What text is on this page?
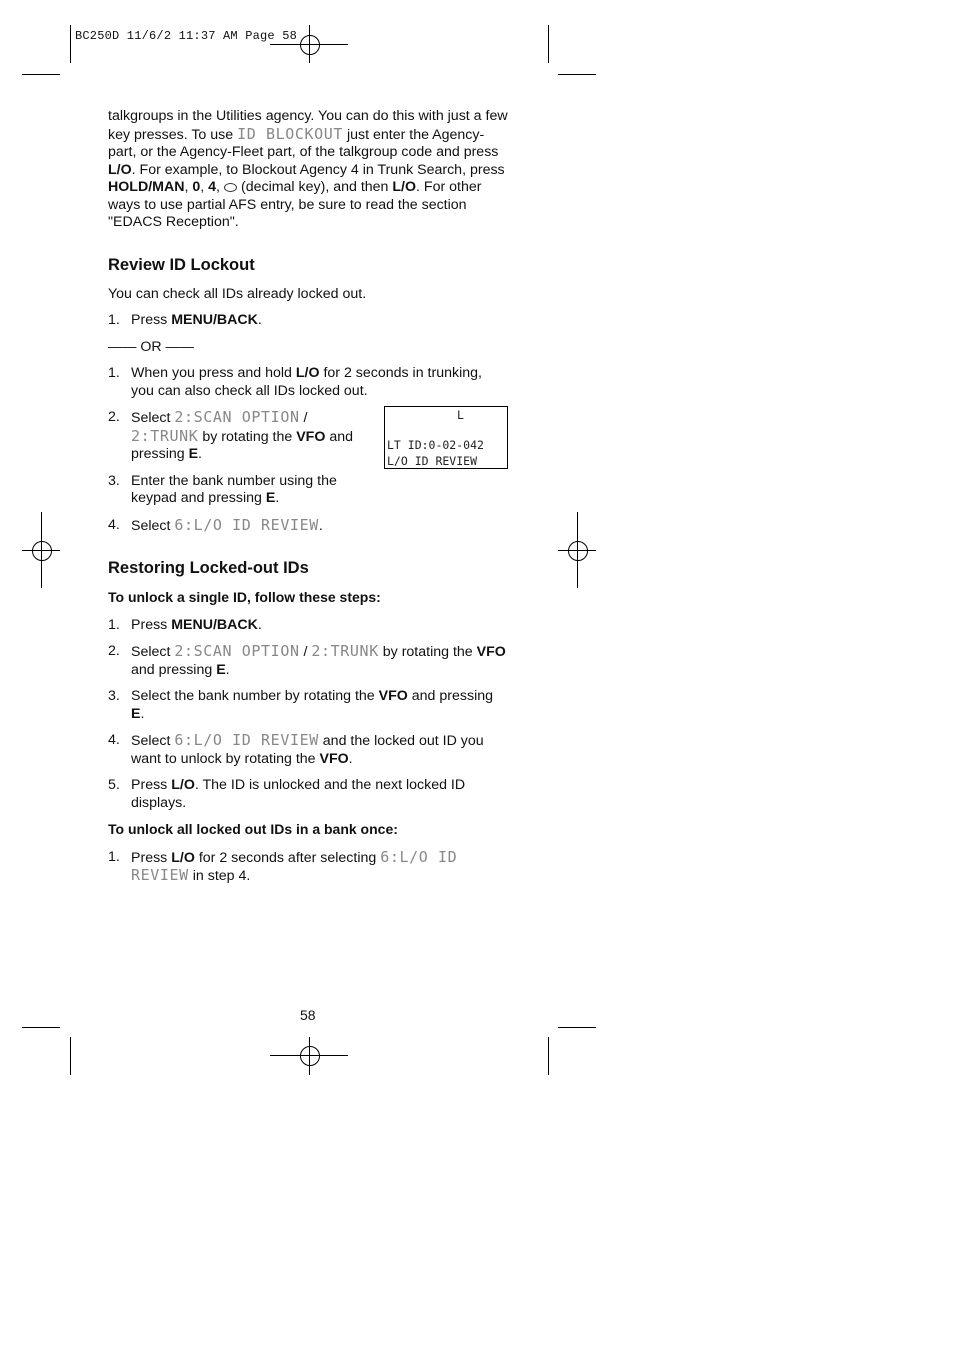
BC250D 11/6/2 11:37 AM Page 58
L
LT ID:0-02-042
L/O ID REVIEW

talkgroups in the Utilities agency. You can do this with just a few key presses. To use ID BLOCKOUT just enter the Agency- part, or the Agency-Fleet part, of the talkgroup code and press L/O. For example, to Blockout Agency 4 in Trunk Search, press HOLD/MAN, 0, 4, (decimal key), and then L/O. For other ways to use partial AFS entry, be sure to read the section "EDACS Reception".

Review ID Lockout

You can check all IDs already locked out.

1. Press MENU/BACK.

—— OR ——

1. When you press and hold L/O for 2 seconds in trunking, you can also check all IDs locked out.
2. Select 2:SCAN OPTION / 2:TRUNK by rotating the VFO and pressing E.
3. Enter the bank number using the keypad and pressing E.
4. Select 6:L/O ID REVIEW.
Restoring Locked-out IDs

To unlock a single ID, follow these steps:

1. Press MENU/BACK.
2. Select 2:SCAN OPTION / 2:TRUNK by rotating the VFO and pressing E.
3. Select the bank number by rotating the VFO and pressing E.
4. Select 6:L/O ID REVIEW and the locked out ID you want to unlock by rotating the VFO.
5. Press L/O. The ID is unlocked and the next locked ID displays.

To unlock all locked out IDs in a bank once:

1. Press L/O for 2 seconds after selecting 6:L/O ID REVIEW in step 4.
58
